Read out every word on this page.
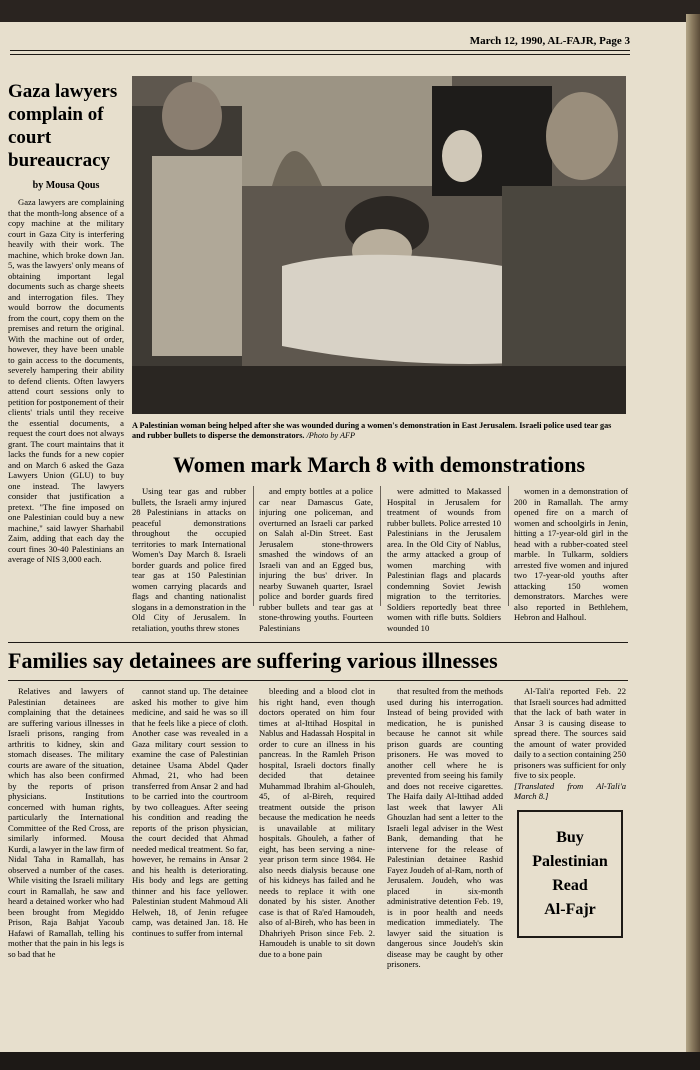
March 12, 1990, AL-FAJR, Page 3
Gaza lawyers complain of court bureaucracy
by Mousa Qous

Gaza lawyers are complaining that the month-long absence of a copy machine at the military court in Gaza City is interfering heavily with their work. The machine, which broke down Jan. 5, was the lawyers' only means of obtaining important legal documents such as charge sheets and interrogation files. They would borrow the documents from the court, copy them on the premises and return the original. With the machine out of order, however, they have been unable to gain access to the documents, severely hampering their ability to defend clients. Often lawyers attend court sessions only to petition for postponement of their clients' trials until they receive the essential documents, a request the court does not always grant. The court maintains that it lacks the funds for a new copier and on March 6 asked the Gaza Lawyers Union (GLU) to buy one instead. The lawyers consider that justification a pretext. "The fine imposed on one Palestinian could buy a new machine," said lawyer Sharhabil Zaim, adding that each day the court fines 30-40 Palestinians an average of NIS 3,000 each.

A Palestinian woman being helped after she was wounded during a women's demonstration in East Jerusalem. Israeli police used tear gas and rubber bullets to disperse the demonstrators. /Photo by AFP

Women mark March 8 with demonstrations

Using tear gas and rubber bullets, the Israeli army injured 28 Palestinians in attacks on peaceful demonstrations throughout the occupied territories to mark International Women's Day March 8. Israeli border guards and police fired tear gas at 150 Palestinian women carrying placards and flags and chanting nationalist slogans in a demonstration in the Old City of Jerusalem. In retaliation, youths threw stones

and empty bottles at a police car near Damascus Gate, injuring one policeman, and overturned an Israeli car parked on Salah al-Din Street. East Jerusalem stone-throwers smashed the windows of an Israeli van and an Egged bus, injuring the bus' driver. In nearby Suwaneh quarter, Israel police and border guards fired rubber bullets and tear gas at stone-throwing youths. Fourteen Palestinians

were admitted to Makassed Hospital in Jerusalem for treatment of wounds from rubber bullets. Police arrested 10 Palestinians in the Jerusalem area. In the Old City of Nablus, the army attacked a group of women marching with Palestinian flags and placards condemning Soviet Jewish migration to the territories. Soldiers reportedly beat three women with rifle butts. Soldiers wounded 10

women in a demonstration of 200 in Ramallah. The army opened fire on a march of women and schoolgirls in Jenin, hitting a 17-year-old girl in the head with a rubber-coated steel marble. In Tulkarm, soldiers arrested five women and injured two 17-year-old youths after attacking 150 women demonstrators. Marches were also reported in Bethlehem, Hebron and Halhoul.

Families say detainees are suffering various illnesses

Relatives and lawyers of Palestinian detainees are complaining that the detainees are suffering various illnesses in Israeli prisons, ranging from arthritis to kidney, skin and stomach diseases. The military courts are aware of the situation, which has also been confirmed by the reports of prison physicians. Institutions concerned with human rights, particularly the International Committee of the Red Cross, are similarly informed. Mousa Kurdi, a lawyer in the law firm of Nidal Taha in Ramallah, has observed a number of the cases. While visiting the Israeli military court in Ramallah, he saw and heard a detained worker who had been brought from Megiddo Prison, Raja Bahjat Yacoub Hafawi of Ramallah, telling his mother that the pain in his legs is so bad that he

cannot stand up. The detainee asked his mother to give him medicine, and said he was so ill that he feels like a piece of cloth. Another case was revealed in a Gaza military court session to examine the case of Palestinian detainee Usama Abdel Qader Ahmad, 21, who had been transferred from Ansar 2 and had to be carried into the courtroom by two colleagues. After seeing his condition and reading the reports of the prison physician, the court decided that Ahmad needed medical treatment. So far, however, he remains in Ansar 2 and his health is deteriorating. His body and legs are getting thinner and his face yellower. Palestinian student Mahmoud Ali Helweh, 18, of Jenin refugee camp, was detained Jan. 18. He continues to suffer from internal

bleeding and a blood clot in his right hand, even though doctors operated on him four times at al-Ittihad Hospital in Nablus and Hadassah Hospital in order to cure an illness in his pancreas. In the Ramleh Prison hospital, Israeli doctors finally decided that detainee Muhammad Ibrahim al-Ghouleh, 45, of al-Bireh, required treatment outside the prison because the medication he needs is unavailable at military hospitals. Ghouleh, a father of eight, has been serving a nine-year prison term since 1984. He also needs dialysis because one of his kidneys has failed and he needs to replace it with one donated by his sister. Another case is that of Ra'ed Hamoudeh, also of al-Bireh, who has been in Dhahriyeh Prison since Feb. 2. Hamoudeh is unable to sit down due to a bone pain

that resulted from the methods used during his interrogation. Instead of being provided with medication, he is punished because he cannot sit while prison guards are counting prisoners. He was moved to another cell where he is prevented from seeing his family and does not receive cigarettes. The Haifa daily Al-Ittihad added last week that lawyer Ali Ghouzlan had sent a letter to the Israeli legal adviser in the West Bank, demanding that he intervene for the release of Palestinian detainee Rashid Fayez Joudeh of al-Ram, north of Jerusalem. Joudeh, who was placed in six-month administrative detention Feb. 19, is in poor health and needs medication immediately. The lawyer said the situation is dangerous since Joudeh's skin disease may be caught by other prisoners.

Al-Tali'a reported Feb. 22 that Israeli sources had admitted that the lack of bath water in Ansar 3 is causing disease to spread there. The sources said the amount of water provided daily to a section containing 250 prisoners was sufficient for only five to six people.

[Translated from Al-Tali'a March 8.]

Buy
Palestinian
Read
Al-Fajr
